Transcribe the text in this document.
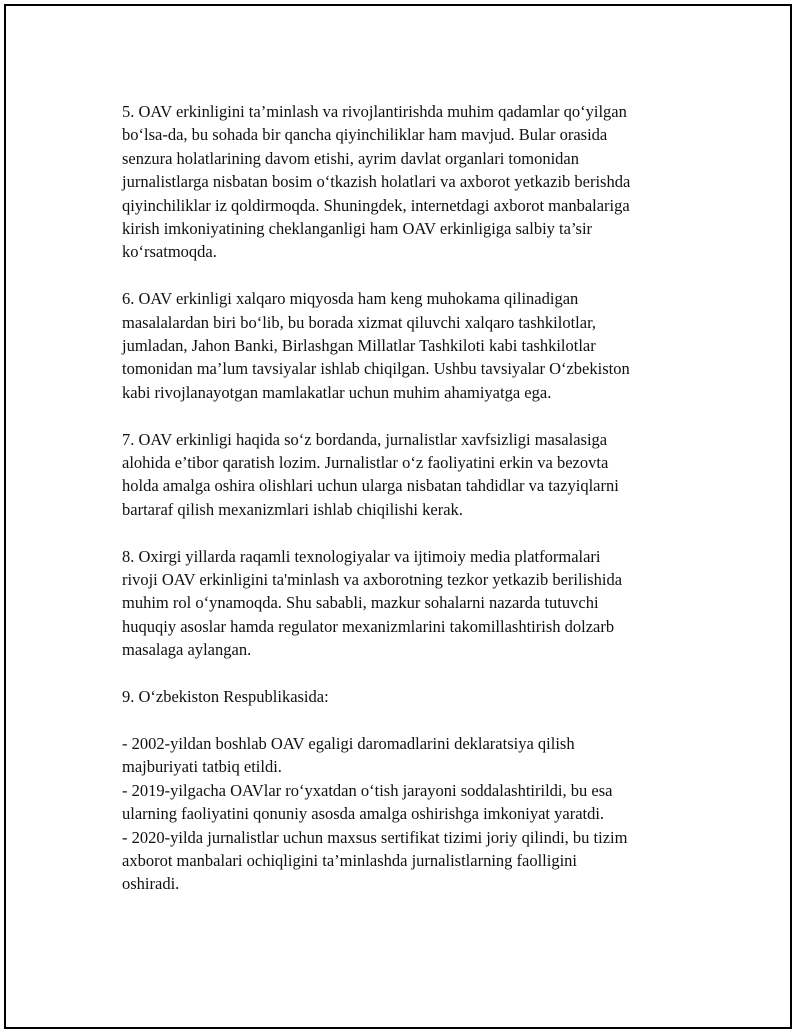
5. OAV erkinligini ta’minlash va rivojlantirishda muhim qadamlar qo‘yilgan
bo‘lsa-da, bu sohada bir qancha qiyinchiliklar ham mavjud. Bular orasida
senzura holatlarining davom etishi, ayrim davlat organlari tomonidan
jurnalistlarga nisbatan bosim o‘tkazish holatlari va axborot yetkazib berishda
qiyinchiliklar iz qoldirmoqda. Shuningdek, internetdagi axborot manbalariga
kirish imkoniyatining cheklanganligi ham OAV erkinligiga salbiy ta’sir
ko‘rsatmoqda.

6. OAV erkinligi xalqaro miqyosda ham keng muhokama qilinadigan
masalalardan biri bo‘lib, bu borada xizmat qiluvchi xalqaro tashkilotlar,
jumladan, Jahon Banki, Birlashgan Millatlar Tashkiloti kabi tashkilotlar
tomonidan ma’lum tavsiyalar ishlab chiqilgan. Ushbu tavsiyalar O‘zbekiston
kabi rivojlanayotgan mamlakatlar uchun muhim ahamiyatga ega.

7. OAV erkinligi haqida so‘z bordanda, jurnalistlar xavfsizligi masalasiga
alohida e’tibor qaratish lozim. Jurnalistlar o‘z faoliyatini erkin va bezovta
holda amalga oshira olishlari uchun ularga nisbatan tahdidlar va tazyiqlarni
bartaraf qilish mexanizmlari ishlab chiqilishi kerak.

8. Oxirgi yillarda raqamli texnologiyalar va ijtimoiy media platformalari
rivoji OAV erkinligini ta'minlash va axborotning tezkor yetkazib berilishida
muhim rol o‘ynamoqda. Shu sababli, mazkur sohalarni nazarda tutuvchi
huquqiy asoslar hamda regulator mexanizmlarini takomillashtirish dolzarb
masalaga aylangan.

9. O‘zbekiston Respublikasida:

- 2002-yildan boshlab OAV egaligi daromadlarini deklaratsiya qilish
majburiyati tatbiq etildi.
- 2019-yilgacha OAVlar ro‘yxatdan o‘tish jarayoni soddalashtirildi, bu esa
ularning faoliyatini qonuniy asosda amalga oshirishga imkoniyat yaratdi.
- 2020-yilda jurnalistlar uchun maxsus sertifikat tizimi joriy qilindi, bu tizim
axborot manbalari ochiqligini ta’minlashda jurnalistlarning faolligini
oshiradi.
